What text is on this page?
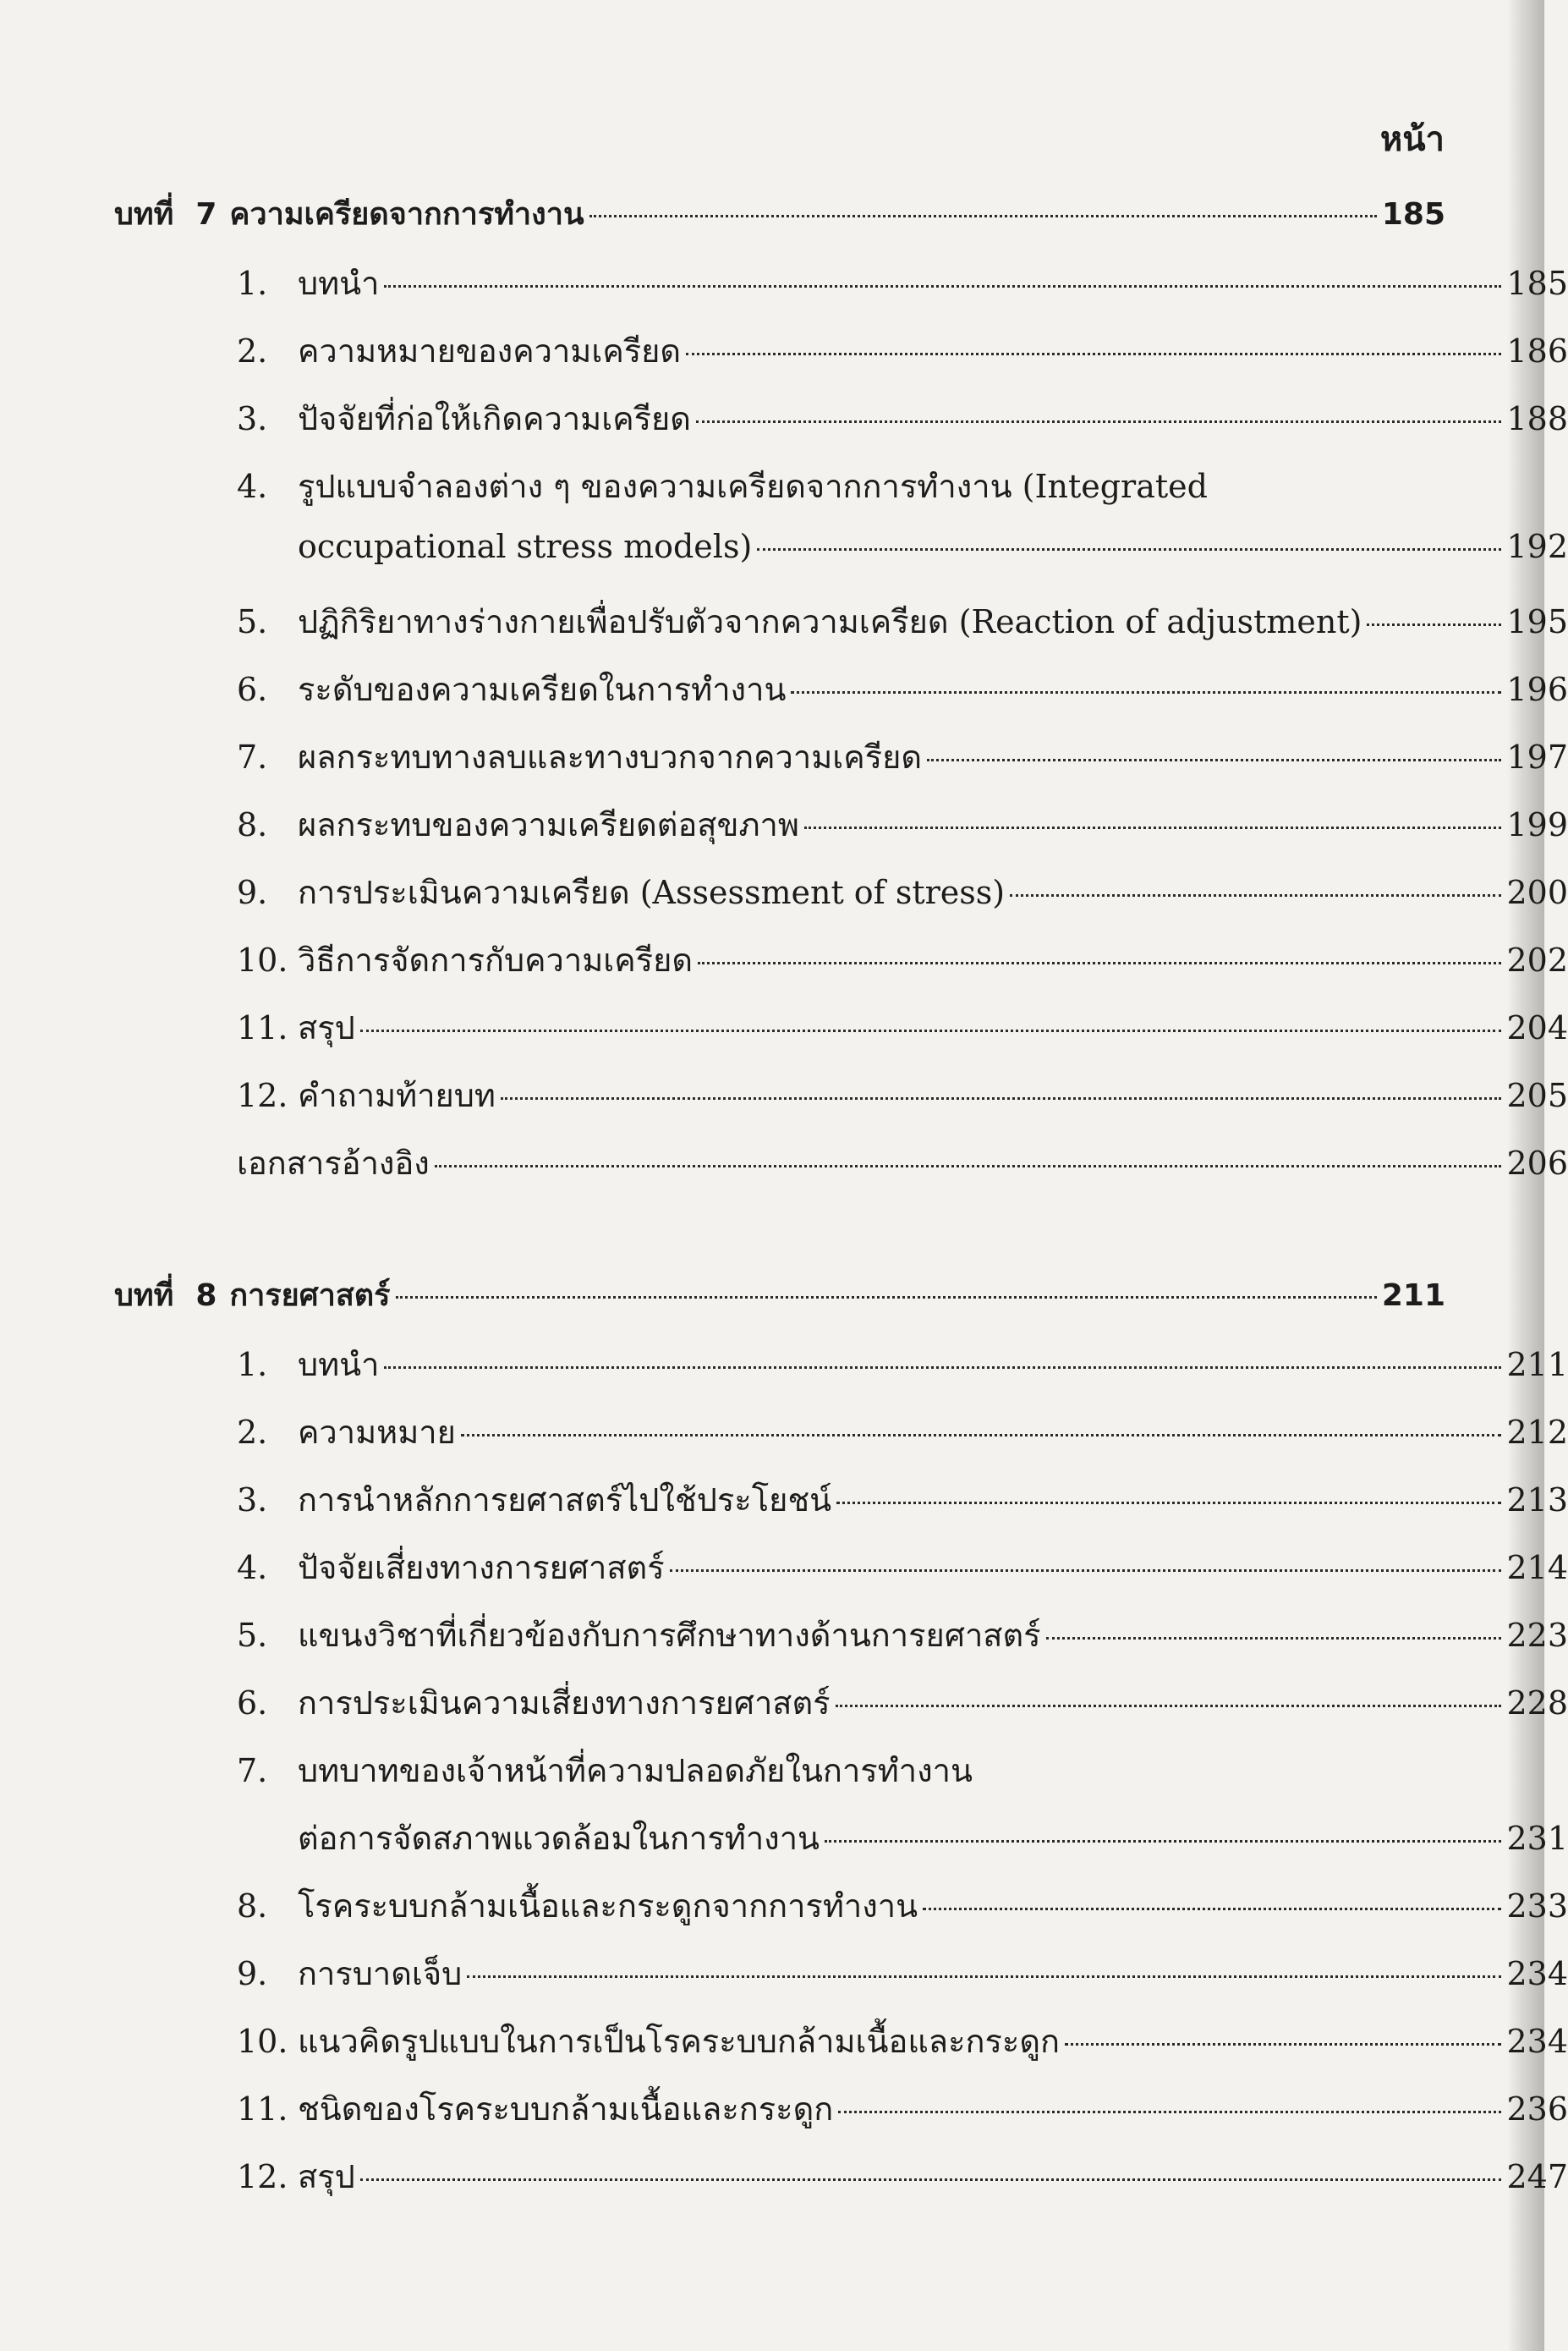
หน้า
บทที่ 7 ความเครียดจากการทำงาน	185
1. บทนำ	185
2. ความหมายของความเครียด	186
3. ปัจจัยที่ก่อให้เกิดความเครียด	188
4. รูปแบบจำลองต่าง ๆ ของความเครียดจากการทำงาน (Integrated
occupational stress models)	192
5. ปฏิกิริยาทางร่างกายเพื่อปรับตัวจากความเครียด (Reaction of adjustment)	195
6. ระดับของความเครียดในการทำงาน	196
7. ผลกระทบทางลบและทางบวกจากความเครียด	197
8. ผลกระทบของความเครียดต่อสุขภาพ	199
9. การประเมินความเครียด (Assessment of stress)	200
10. วิธีการจัดการกับความเครียด	202
11. สรุป	204
12. คำถามท้ายบท	205
เอกสารอ้างอิง	206
บทที่ 8 การยศาสตร์	211
1. บทนำ	211
2. ความหมาย	212
3. การนำหลักการยศาสตร์ไปใช้ประโยชน์	213
4. ปัจจัยเสี่ยงทางการยศาสตร์	214
5. แขนงวิชาที่เกี่ยวข้องกับการศึกษาทางด้านการยศาสตร์	223
6. การประเมินความเสี่ยงทางการยศาสตร์	228
7. บทบาทของเจ้าหน้าที่ความปลอดภัยในการทำงาน
ต่อการจัดสภาพแวดล้อมในการทำงาน	231
8. โรคระบบกล้ามเนื้อและกระดูกจากการทำงาน	233
9. การบาดเจ็บ	234
10. แนวคิดรูปแบบในการเป็นโรคระบบกล้ามเนื้อและกระดูก	234
11. ชนิดของโรคระบบกล้ามเนื้อและกระดูก	236
12. สรุป	247
